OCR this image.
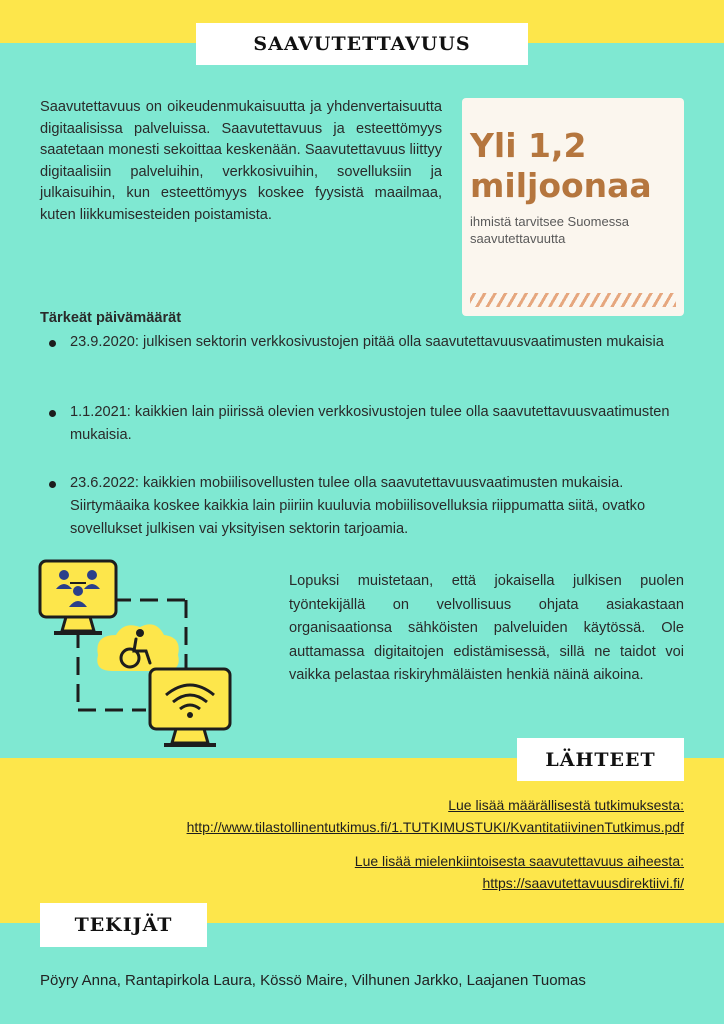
SAAVUTETTAVUUS

Saavutettavuus on oikeudenmukaisuutta ja yhdenvertaisuutta digitaalisissa palveluissa. Saavutettavuus ja esteettömyys saatetaan monesti sekoittaa keskenään. Saavutettavuus liittyy digitaalisiin palveluihin, verkkosivuihin, sovelluksiin ja julkaisuihin, kun esteettömyys koskee fyysistä maailmaa, kuten liikkumisesteiden poistamista.

Yli 1,2
miljoonaa
ihmistä tarvitsee Suomessa saavutettavuutta
Tärkeät päivämäärät

23.9.2020: julkisen sektorin verkkosivustojen pitää olla saavutettavuusvaatimusten mukaisia

1.1.2021: kaikkien lain piirissä olevien verkkosivustojen tulee olla saavutettavuusvaatimusten mukaisia.

23.6.2022: kaikkien mobiilisovellusten tulee olla saavutettavuusvaatimusten mukaisia. Siirtymäaika koskee kaikkia lain piiriin kuuluvia mobiilisovelluksia riippumatta siitä, ovatko sovellukset julkisen vai yksityisen sektorin tarjoamia.

Lopuksi muistetaan, että jokaisella julkisen puolen työntekijällä on velvollisuus ohjata asiakastaan organisaationsa sähköisten palveluiden käytössä. Ole auttamassa digitaitojen edistämisessä, sillä ne taidot voi vaikka pelastaa riskiryhmäläisten henkiä näinä aikoina.

LÄHTEET
Lue lisää määrällisestä tutkimuksesta:
http://www.tilastollinentutkimus.fi/1.TUTKIMUSTUKI/KvantitatiivinenTutkimus.pdf
Lue lisää mielenkiintoisesta saavutettavuus aiheesta:
https://saavutettavuusdirektiivi.fi/
TEKIJÄT

Pöyry Anna, Rantapirkola Laura, Kössö Maire, Vilhunen Jarkko, Laajanen Tuomas
